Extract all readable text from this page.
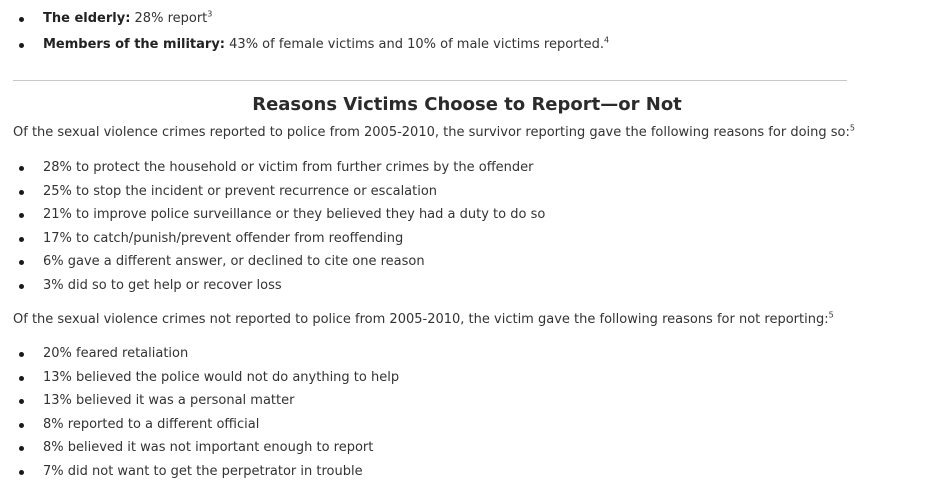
The elderly: 28% report$^3$
Members of the military: 43% of female victims and 10% of male victims reported.$^4$
Reasons Victims Choose to Report—or Not

Of the sexual violence crimes reported to police from 2005-2010, the survivor reporting gave the following reasons for doing so:$^5$

28% to protect the household or victim from further crimes by the offender
25% to stop the incident or prevent recurrence or escalation
21% to improve police surveillance or they believed they had a duty to do so
17% to catch/punish/prevent offender from reoffending
6% gave a different answer, or declined to cite one reason
3% did so to get help or recover loss

Of the sexual violence crimes not reported to police from 2005-2010, the victim gave the following reasons for not reporting:$^5$

20% feared retaliation
13% believed the police would not do anything to help
13% believed it was a personal matter
8% reported to a different official
8% believed it was not important enough to report
7% did not want to get the perpetrator in trouble
